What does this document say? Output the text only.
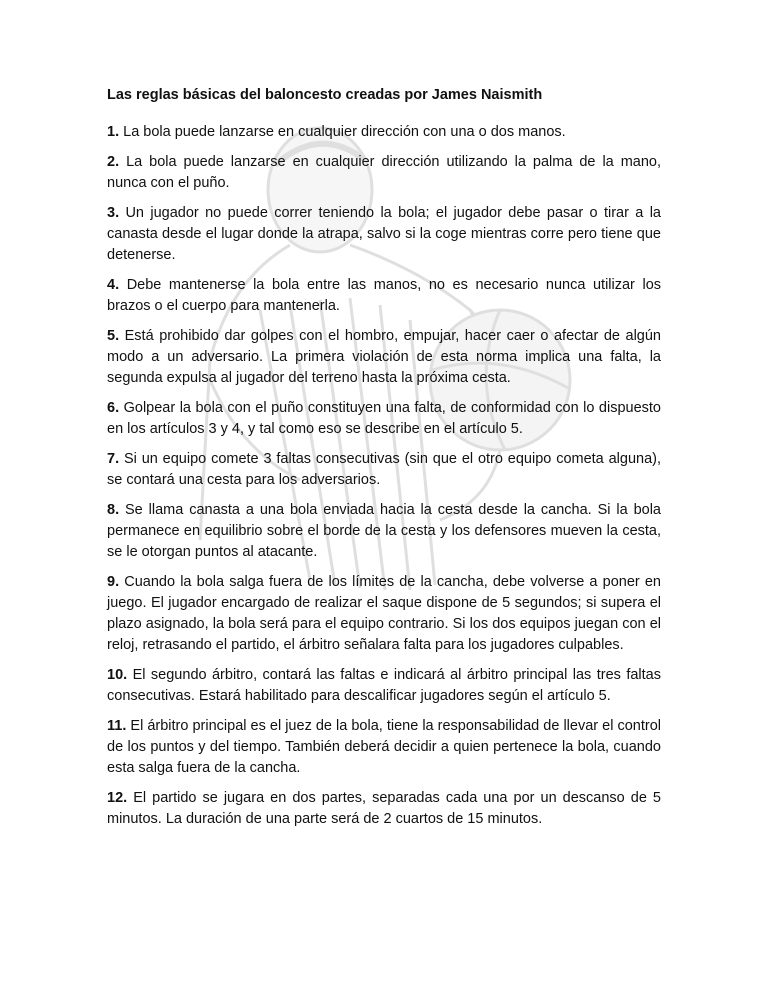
Las reglas básicas del baloncesto creadas por James Naismith
1. La bola puede lanzarse en cualquier dirección con una o dos manos.
2. La bola puede lanzarse en cualquier dirección utilizando la palma de la mano, nunca con el puño.
3. Un jugador no puede correr teniendo la bola; el jugador debe pasar o tirar a la canasta desde el lugar donde la atrapa, salvo si la coge mientras corre pero tiene que detenerse.
4. Debe mantenerse la bola entre las manos, no es necesario nunca utilizar los brazos o el cuerpo para mantenerla.
5. Está prohibido dar golpes con el hombro, empujar, hacer caer o afectar de algún modo a un adversario. La primera violación de esta norma implica una falta, la segunda expulsa al jugador del terreno hasta la próxima cesta.
6. Golpear la bola con el puño constituyen una falta, de conformidad con lo dispuesto en los artículos 3 y 4, y tal como eso se describe en el artículo 5.
7. Si un equipo comete 3 faltas consecutivas (sin que el otro equipo cometa alguna), se contará una cesta para los adversarios.
8. Se llama canasta a una bola enviada hacia la cesta desde la cancha. Si la bola permanece en equilibrio sobre el borde de la cesta y los defensores mueven la cesta, se le otorgan puntos al atacante.
9. Cuando la bola salga fuera de los límites de la cancha, debe volverse a poner en juego. El jugador encargado de realizar el saque dispone de 5 segundos; si supera el plazo asignado, la bola será para el equipo contrario. Si los dos equipos juegan con el reloj, retrasando el partido, el árbitro señalara falta para los jugadores culpables.
10. El segundo árbitro, contará las faltas e indicará al árbitro principal las tres faltas consecutivas. Estará habilitado para descalificar jugadores según el artículo 5.
11. El árbitro principal es el juez de la bola, tiene la responsabilidad de llevar el control de los puntos y del tiempo. También deberá decidir a quien pertenece la bola, cuando esta salga fuera de la cancha.
12. El partido se jugara en dos partes, separadas cada una por un descanso de 5 minutos. La duración de una parte será de 2 cuartos de 15 minutos.
